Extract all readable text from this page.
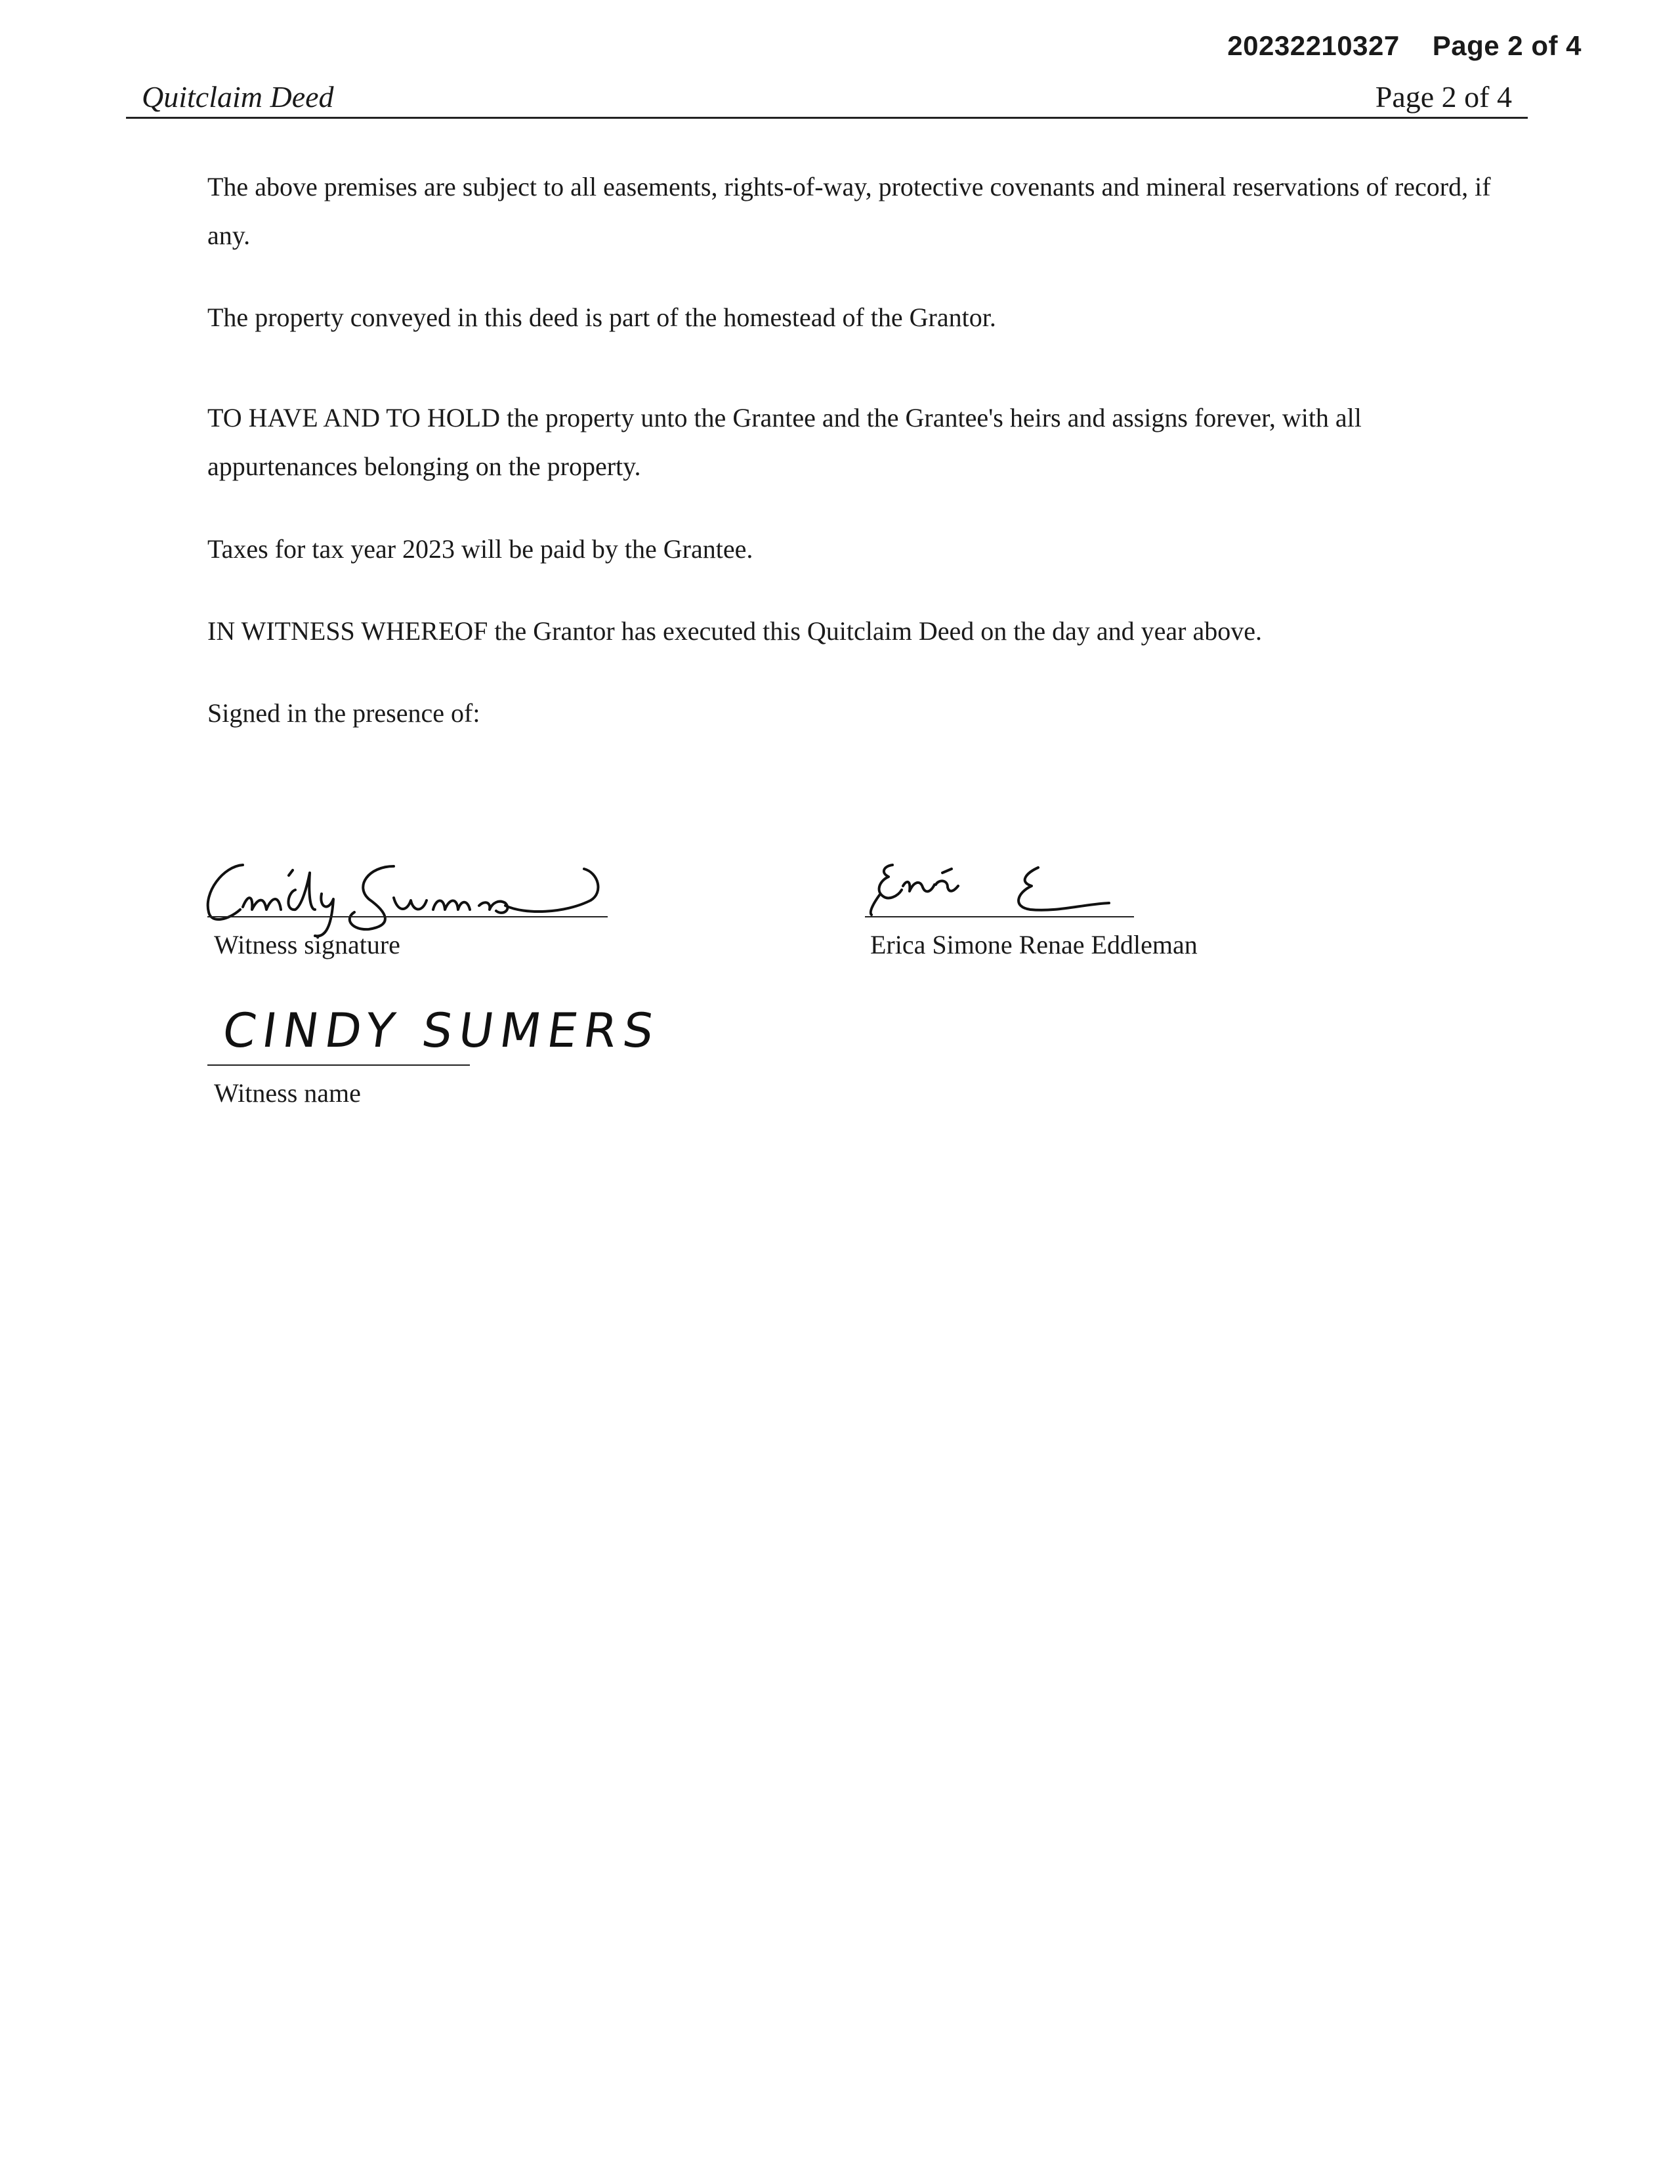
20232210327 Page 2 of 4
Quitclaim Deed	Page 2 of 4

The above premises are subject to all easements, rights-of-way, protective covenants and mineral reservations of record, if any.

The property conveyed in this deed is part of the homestead of the Grantor.

TO HAVE AND TO HOLD the property unto the Grantee and the Grantee's heirs and assigns forever, with all appurtenances belonging on the property.

Taxes for tax year 2023 will be paid by the Grantee.

IN WITNESS WHEREOF the Grantor has executed this Quitclaim Deed on the day and year above.

Signed in the presence of:

Witness signature	Erica Simone Renae Eddleman
CINDY SUMERS
Witness name
